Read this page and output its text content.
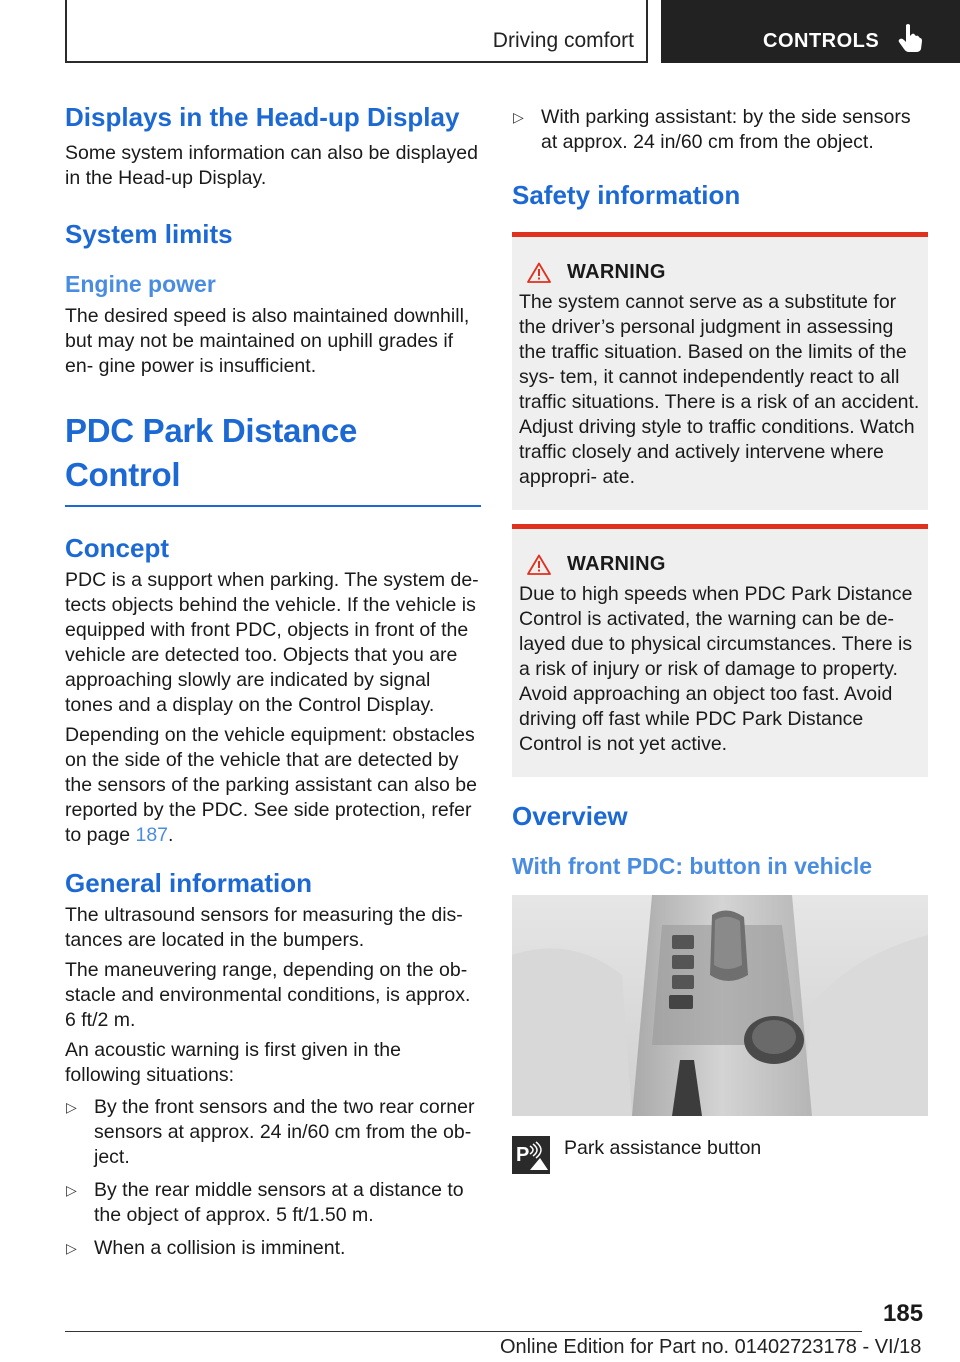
Driving comfort	CONTROLS
Displays in the Head-up Display

Some system information can also be displayed in the Head-up Display.

System limits
Engine power

The desired speed is also maintained downhill, but may not be maintained on uphill grades if en- gine power is insufficient.

PDC Park Distance Control
Concept

PDC is a support when parking. The system de- tects objects behind the vehicle. If the vehicle is equipped with front PDC, objects in front of the vehicle are detected too. Objects that you are approaching slowly are indicated by signal tones and a display on the Control Display.

Depending on the vehicle equipment: obstacles on the side of the vehicle that are detected by the sensors of the parking assistant can also be reported by the PDC. See side protection, refer to page 187.

General information

The ultrasound sensors for measuring the dis- tances are located in the bumpers.

The maneuvering range, depending on the ob- stacle and environmental conditions, is approx. 6 ft/2 m.

An acoustic warning is first given in the following situations:

▷ By the front sensors and the two rear corner sensors at approx. 24 in/60 cm from the ob- ject.
▷ By the rear middle sensors at a distance to the object of approx. 5 ft/1.50 m.
▷ When a collision is imminent.
▷ With parking assistant: by the side sensors at approx. 24 in/60 cm from the object.
Safety information
WARNING

The system cannot serve as a substitute for the driver’s personal judgment in assessing the traffic situation. Based on the limits of the sys- tem, it cannot independently react to all traffic situations. There is a risk of an accident. Adjust driving style to traffic conditions. Watch traffic closely and actively intervene where appropri- ate.

WARNING

Due to high speeds when PDC Park Distance Control is activated, the warning can be de- layed due to physical circumstances. There is a risk of injury or risk of damage to property. Avoid approaching an object too fast. Avoid driving off fast while PDC Park Distance Control is not yet active.

Overview
With front PDC: button in vehicle
P Park assistance button
185
Online Edition for Part no. 01402723178 - VI/18
